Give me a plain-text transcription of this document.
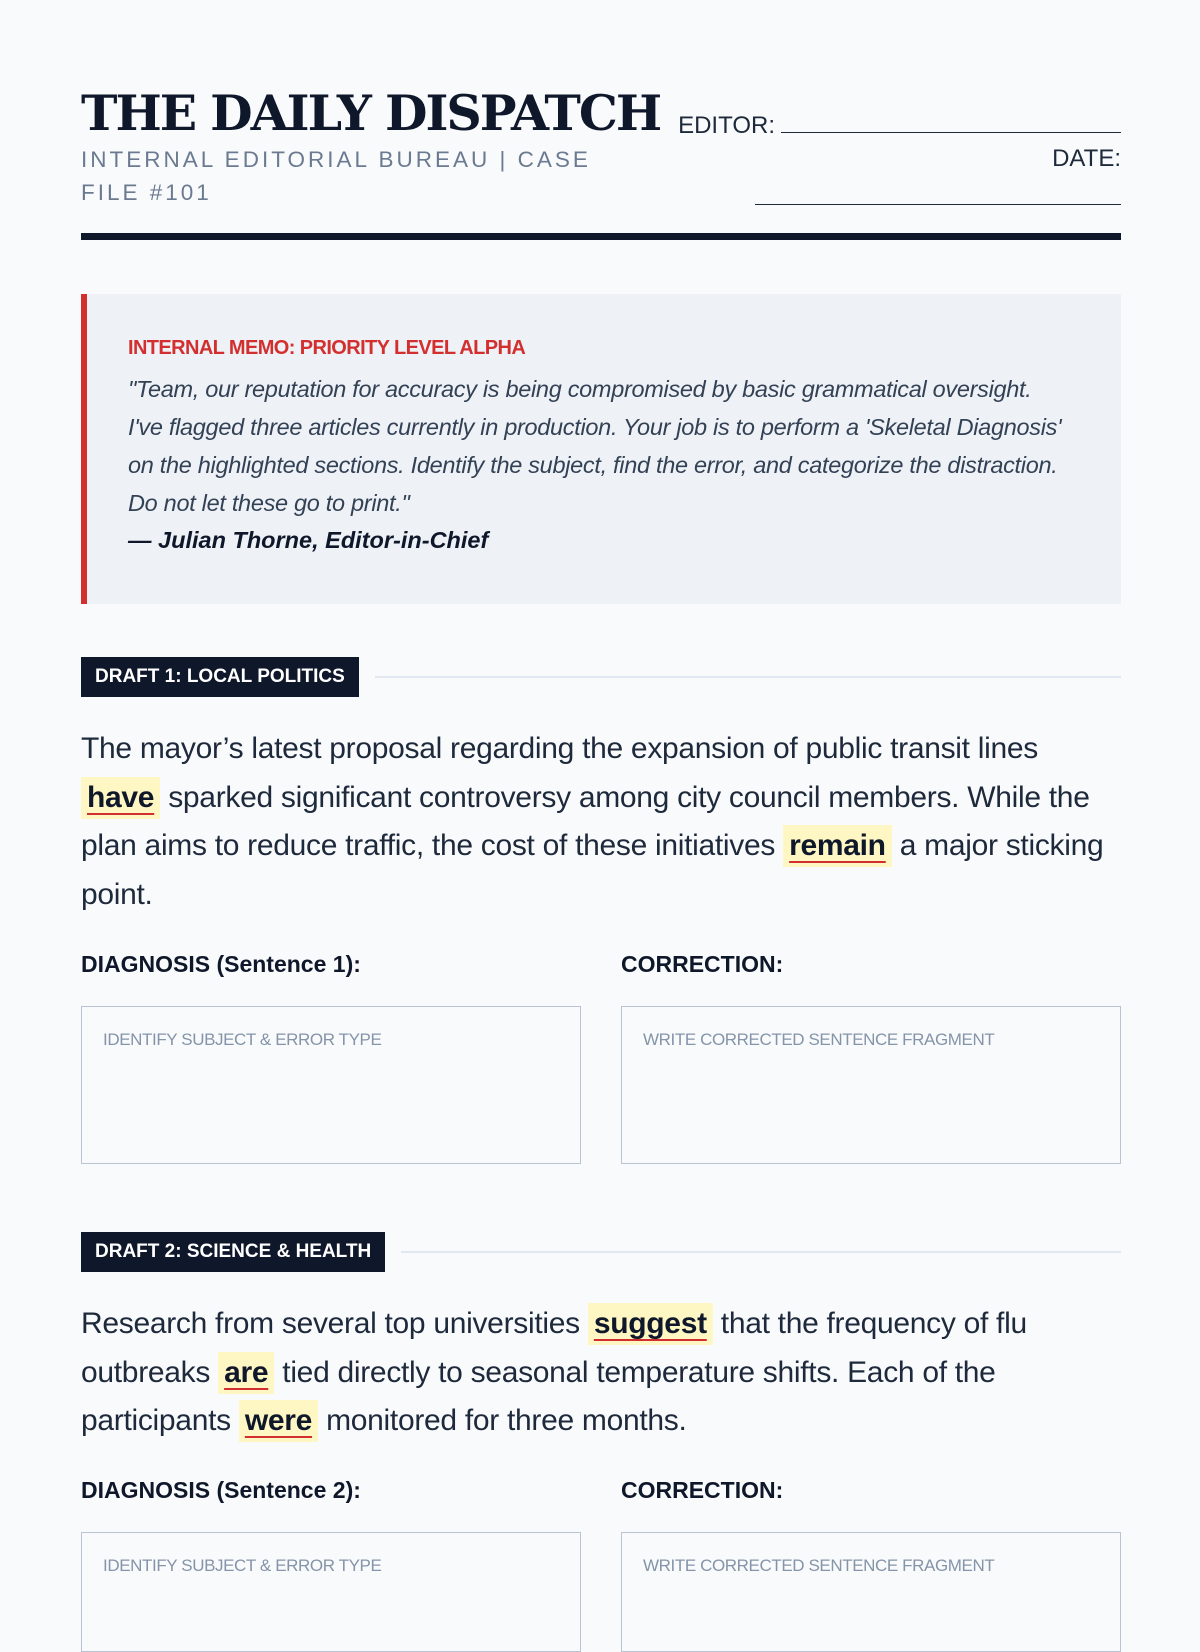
THE DAILY DISPATCH
INTERNAL EDITORIAL BUREAU | CASE FILE #101
EDITOR:
DATE:
INTERNAL MEMO: PRIORITY LEVEL ALPHA
"Team, our reputation for accuracy is being compromised by basic grammatical oversight. I've flagged three articles currently in production. Your job is to perform a 'Skeletal Diagnosis' on the highlighted sections. Identify the subject, find the error, and categorize the distraction. Do not let these go to print."
— Julian Thorne, Editor-in-Chief
DRAFT 1: LOCAL POLITICS
The mayor’s latest proposal regarding the expansion of public transit lines have sparked significant controversy among city council members. While the plan aims to reduce traffic, the cost of these initiatives remain a major sticking point.
DIAGNOSIS (Sentence 1):	CORRECTION:
IDENTIFY SUBJECT & ERROR TYPE	WRITE CORRECTED SENTENCE FRAGMENT
DRAFT 2: SCIENCE & HEALTH
Research from several top universities suggest that the frequency of flu outbreaks are tied directly to seasonal temperature shifts. Each of the participants were monitored for three months.
DIAGNOSIS (Sentence 2):	CORRECTION:
IDENTIFY SUBJECT & ERROR TYPE	WRITE CORRECTED SENTENCE FRAGMENT
